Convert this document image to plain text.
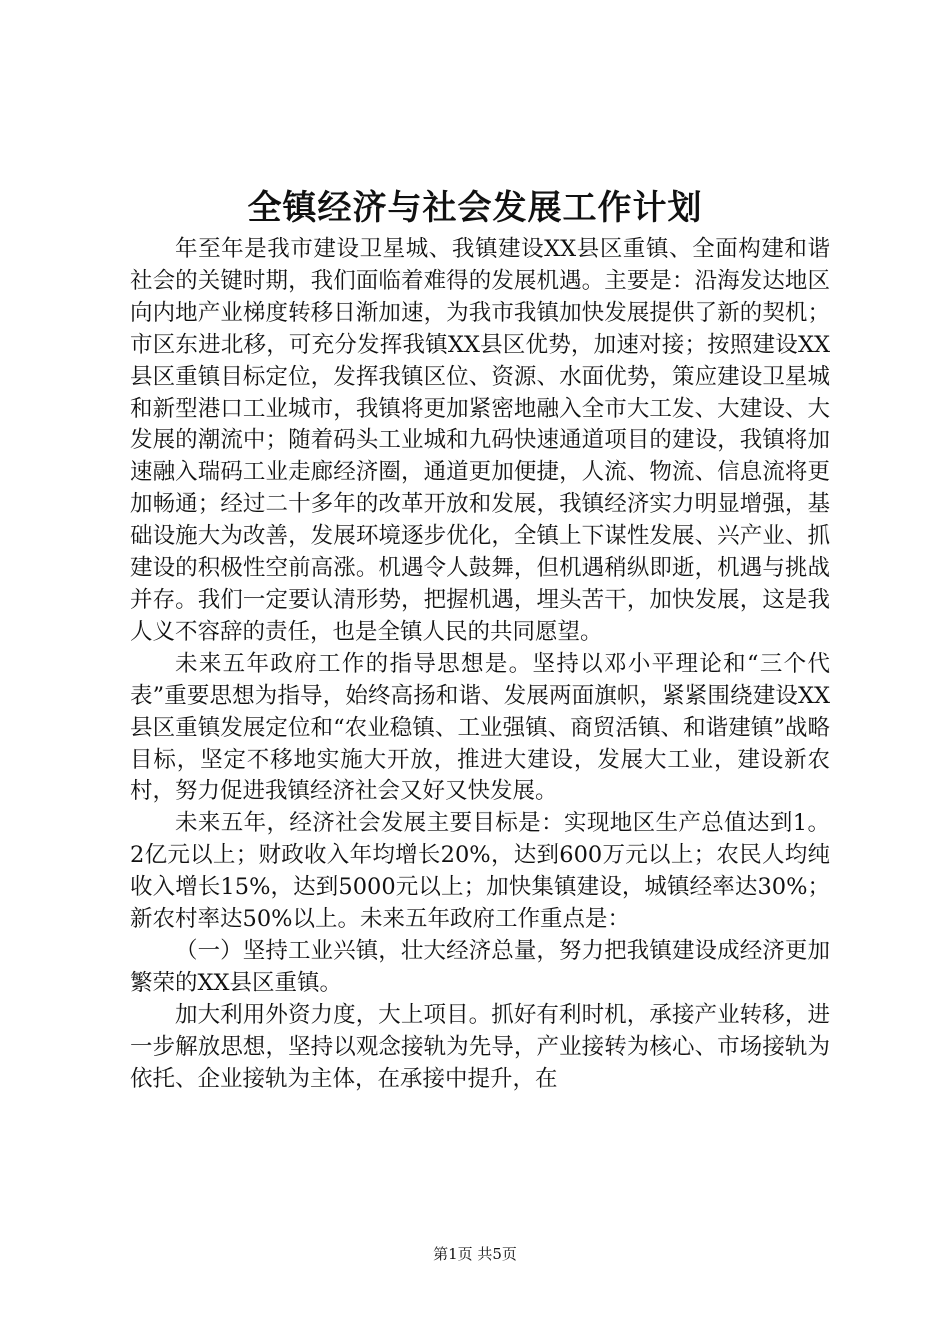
全镇经济与社会发展工作计划

年至年是我市建设卫星城、我镇建设XX县区重镇、全面构建和谐社会的关键时期，我们面临着难得的发展机遇。主要是：沿海发达地区向内地产业梯度转移日渐加速，为我市我镇加快发展提供了新的契机；市区东进北移，可充分发挥我镇XX县区优势，加速对接；按照建设XX县区重镇目标定位，发挥我镇区位、资源、水面优势，策应建设卫星城和新型港口工业城市，我镇将更加紧密地融入全市大工发、大建设、大发展的潮流中；随着码头工业城和九码快速通道项目的建设，我镇将加速融入瑞码工业走廊经济圈，通道更加便捷，人流、物流、信息流将更加畅通；经过二十多年的改革开放和发展，我镇经济实力明显增强，基础设施大为改善，发展环境逐步优化，全镇上下谋性发展、兴产业、抓建设的积极性空前高涨。机遇令人鼓舞，但机遇稍纵即逝，机遇与挑战并存。我们一定要认清形势，把握机遇，埋头苦干，加快发展，这是我人义不容辞的责任，也是全镇人民的共同愿望。

未来五年政府工作的指导思想是。坚持以邓小平理论和“三个代表”重要思想为指导，始终高扬和谐、发展两面旗帜，紧紧围绕建设XX县区重镇发展定位和“农业稳镇、工业强镇、商贸活镇、和谐建镇”战略目标，坚定不移地实施大开放，推进大建设，发展大工业，建设新农村，努力促进我镇经济社会又好又快发展。

未来五年，经济社会发展主要目标是：实现地区生产总值达到1。2亿元以上；财政收入年均增长20%，达到600万元以上；农民人均纯收入增长15%，达到5000元以上；加快集镇建设，城镇经率达30%；新农村率达50%以上。未来五年政府工作重点是：

（一）坚持工业兴镇，壮大经济总量，努力把我镇建设成经济更加繁荣的XX县区重镇。

加大利用外资力度，大上项目。抓好有利时机，承接产业转移，进一步解放思想，坚持以观念接轨为先导，产业接转为核心、市场接轨为依托、企业接轨为主体，在承接中提升，在

第1页 共5页
